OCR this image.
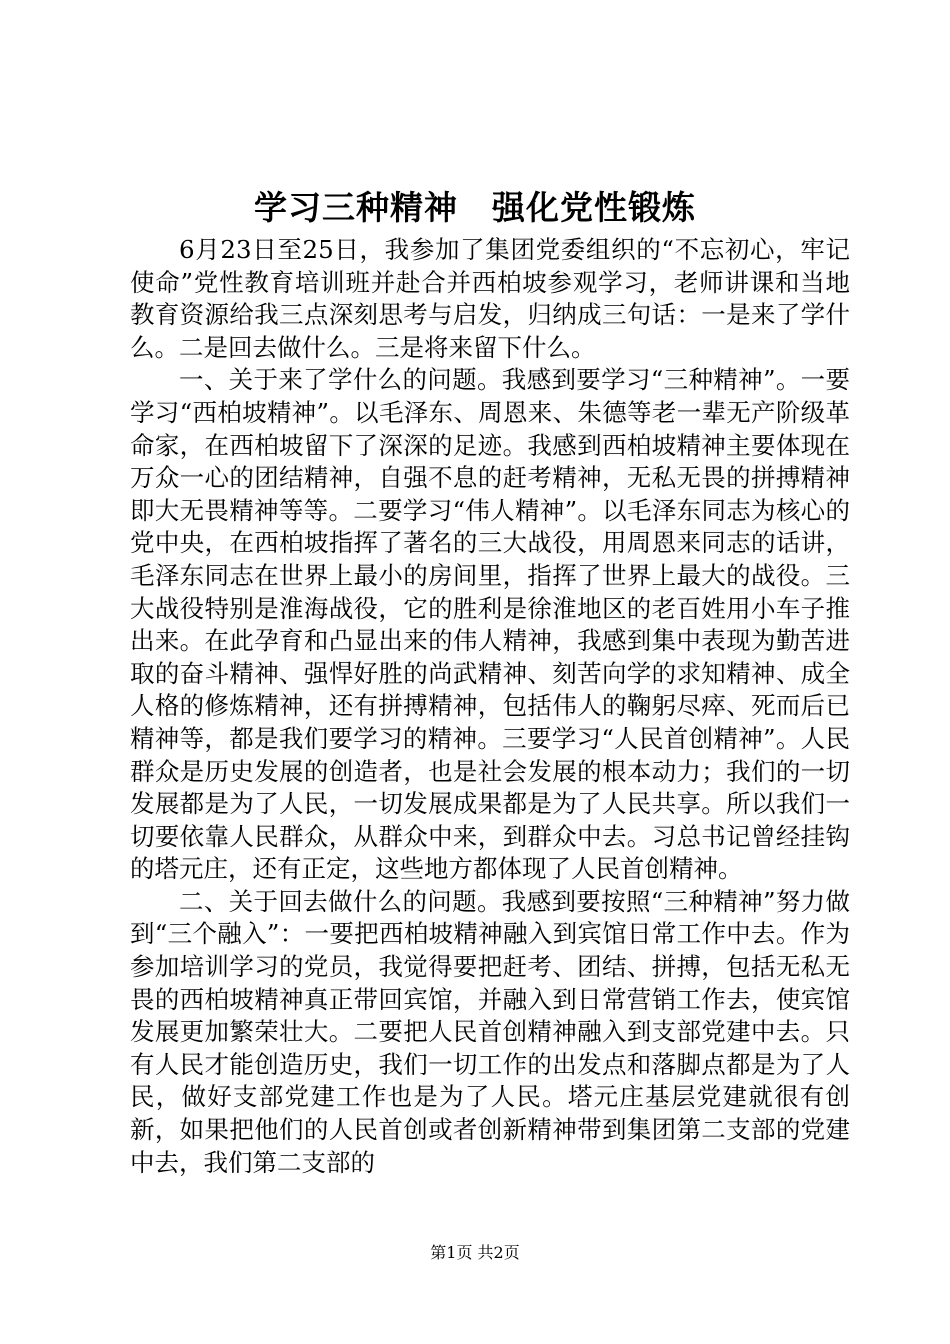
学习三种精神　强化党性锻炼

6月23日至25日，我参加了集团党委组织的“不忘初心，牢记使命”党性教育培训班并赴合并西柏坡参观学习，老师讲课和当地教育资源给我三点深刻思考与启发，归纳成三句话：一是来了学什么。二是回去做什么。三是将来留下什么。

一、关于来了学什么的问题。我感到要学习“三种精神”。一要学习“西柏坡精神”。以毛泽东、周恩来、朱德等老一辈无产阶级革命家，在西柏坡留下了深深的足迹。我感到西柏坡精神主要体现在万众一心的团结精神，自强不息的赶考精神，无私无畏的拼搏精神即大无畏精神等等。二要学习“伟人精神”。以毛泽东同志为核心的党中央，在西柏坡指挥了著名的三大战役，用周恩来同志的话讲，毛泽东同志在世界上最小的房间里，指挥了世界上最大的战役。三大战役特别是淮海战役，它的胜利是徐淮地区的老百姓用小车子推出来。在此孕育和凸显出来的伟人精神，我感到集中表现为勤苦进取的奋斗精神、强悍好胜的尚武精神、刻苦向学的求知精神、成全人格的修炼精神，还有拼搏精神，包括伟人的鞠躬尽瘁、死而后已精神等，都是我们要学习的精神。三要学习“人民首创精神”。人民群众是历史发展的创造者，也是社会发展的根本动力；我们的一切发展都是为了人民，一切发展成果都是为了人民共享。所以我们一切要依靠人民群众，从群众中来，到群众中去。习总书记曾经挂钩的塔元庄，还有正定，这些地方都体现了人民首创精神。

二、关于回去做什么的问题。我感到要按照“三种精神”努力做到“三个融入”：一要把西柏坡精神融入到宾馆日常工作中去。作为参加培训学习的党员，我觉得要把赶考、团结、拼搏，包括无私无畏的西柏坡精神真正带回宾馆，并融入到日常营销工作去，使宾馆发展更加繁荣壮大。二要把人民首创精神融入到支部党建中去。只有人民才能创造历史，我们一切工作的出发点和落脚点都是为了人民，做好支部党建工作也是为了人民。塔元庄基层党建就很有创新，如果把他们的人民首创或者创新精神带到集团第二支部的党建中去，我们第二支部的

第1页 共2页
